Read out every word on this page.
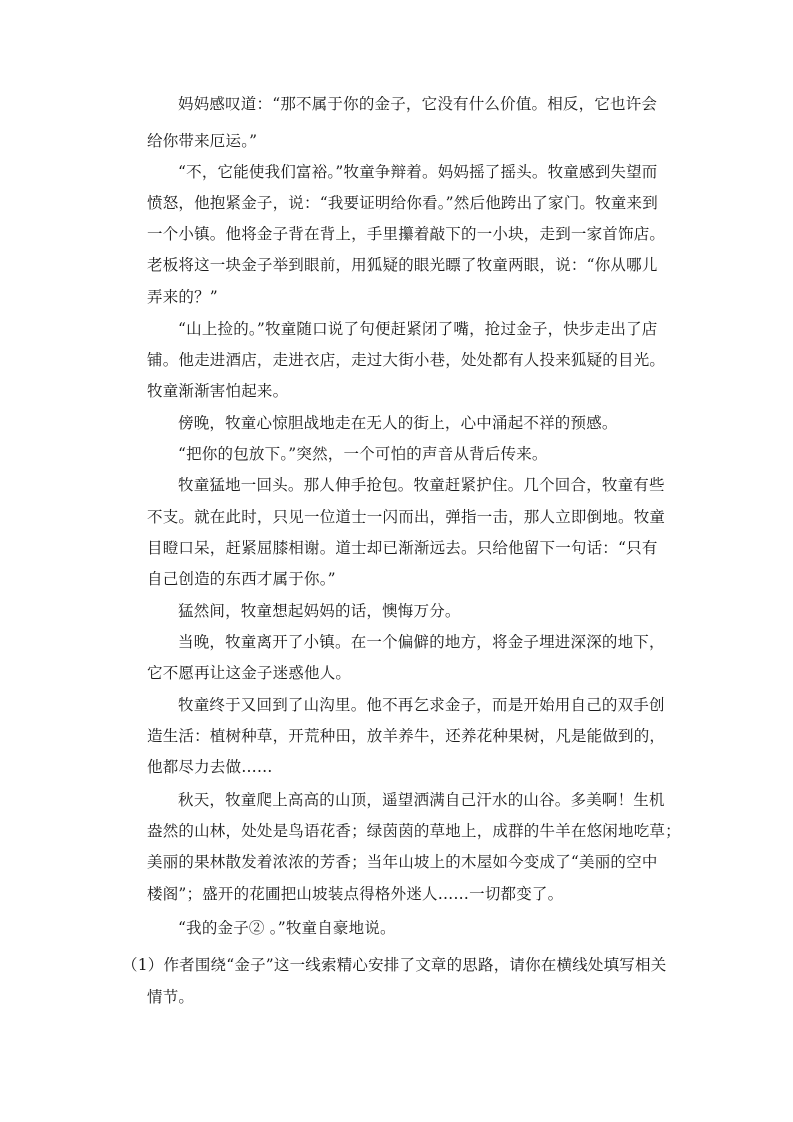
妈妈感叹道：“那不属于你的金子，它没有什么价值。相反，它也许会
给你带来厄运。”
“不，它能使我们富裕。”牧童争辩着。妈妈摇了摇头。牧童感到失望而
愤怒，他抱紧金子，说：“我要证明给你看。”然后他跨出了家门。牧童来到
一个小镇。他将金子背在背上，手里攥着敲下的一小块，走到一家首饰店。
老板将这一块金子举到眼前，用狐疑的眼光瞟了牧童两眼，说：“你从哪儿
弄来的？”
“山上捡的。”牧童随口说了句便赶紧闭了嘴，抢过金子，快步走出了店
铺。他走进酒店，走进衣店，走过大街小巷，处处都有人投来狐疑的目光。
牧童渐渐害怕起来。
傍晚，牧童心惊胆战地走在无人的街上，心中涌起不祥的预感。
“把你的包放下。”突然，一个可怕的声音从背后传来。
牧童猛地一回头。那人伸手抢包。牧童赶紧护住。几个回合，牧童有些
不支。就在此时，只见一位道士一闪而出，弹指一击，那人立即倒地。牧童
目瞪口呆，赶紧屈膝相谢。道士却已渐渐远去。只给他留下一句话：“只有
自己创造的东西才属于你。”
猛然间，牧童想起妈妈的话，懊悔万分。
当晚，牧童离开了小镇。在一个偏僻的地方，将金子埋进深深的地下，
它不愿再让这金子迷惑他人。
牧童终于又回到了山沟里。他不再乞求金子，而是开始用自己的双手创
造生活：植树种草，开荒种田，放羊养牛，还养花种果树，凡是能做到的，
他都尽力去做……
秋天，牧童爬上高高的山顶，遥望洒满自己汗水的山谷。多美啊！生机
盎然的山林，处处是鸟语花香；绿茵茵的草地上，成群的牛羊在悠闲地吃草；
美丽的果林散发着浓浓的芳香；当年山坡上的木屋如今变成了“美丽的空中
楼阁”；盛开的花圃把山坡装点得格外迷人……一切都变了。
“我的金子② 。”牧童自豪地说。
（1）作者围绕“金子”这一线索精心安排了文章的思路，请你在横线处填写相关
情节。
